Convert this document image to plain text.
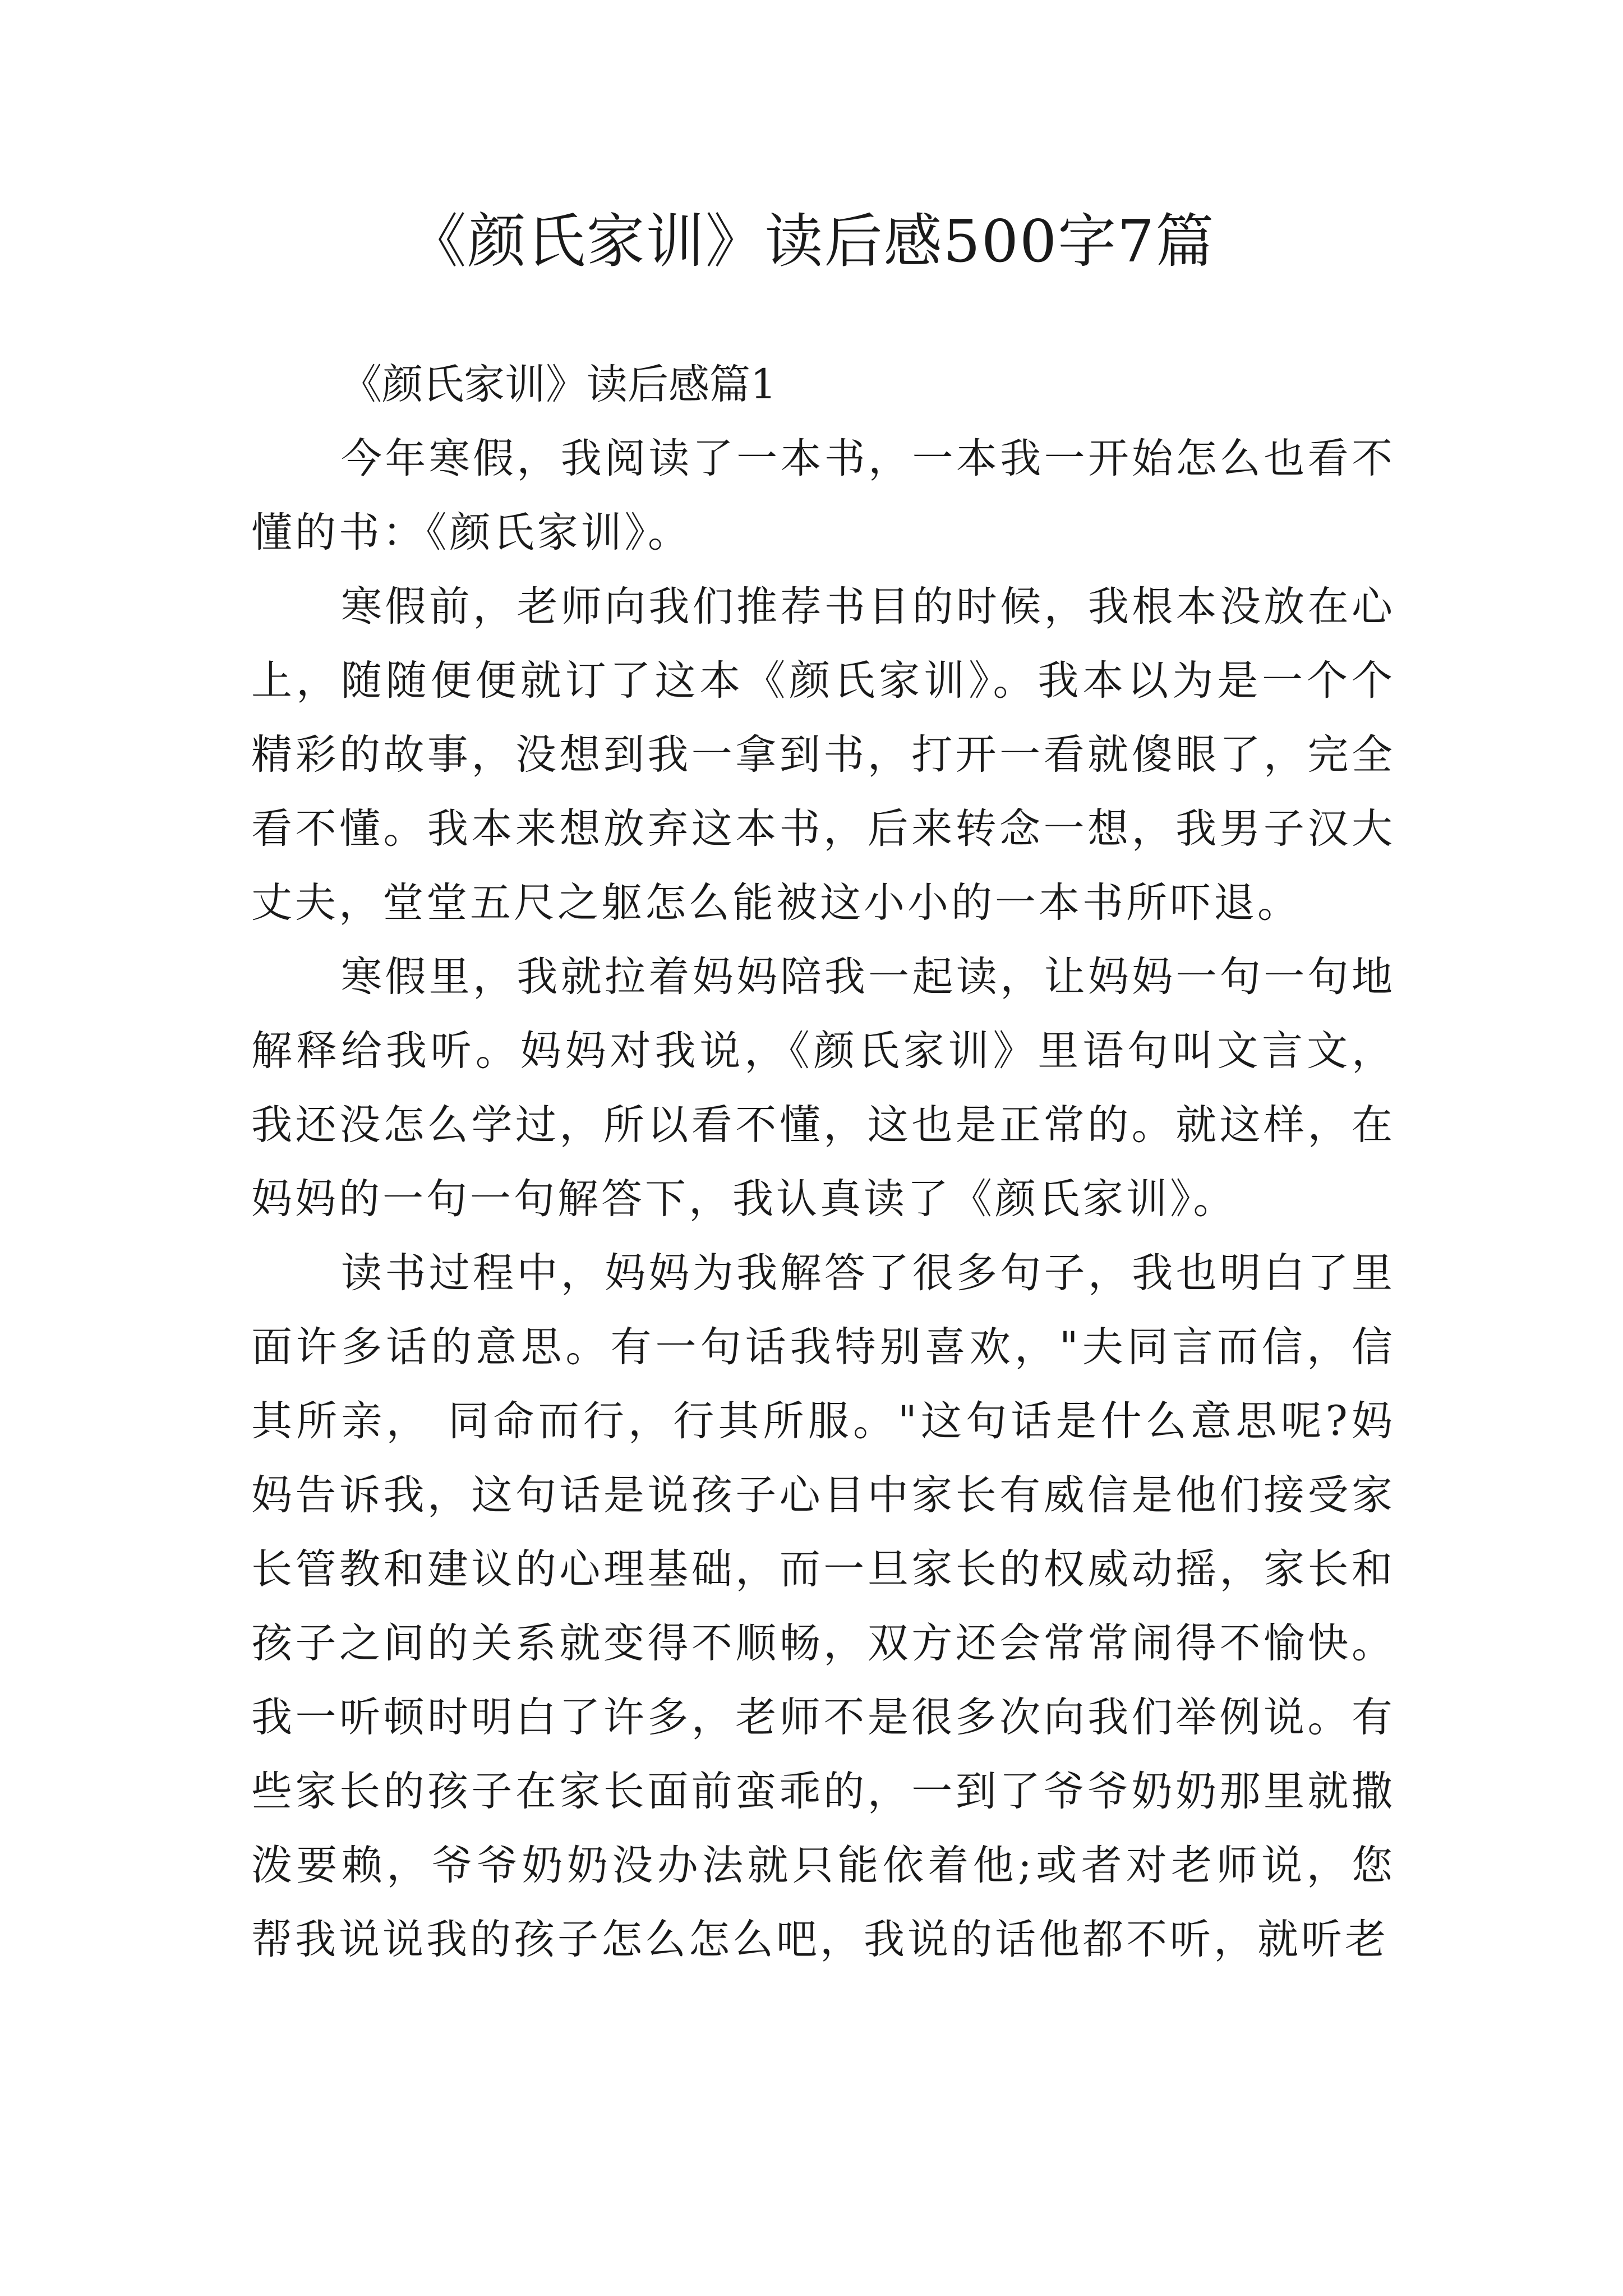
《颜氏家训》读后感500字7篇

《颜氏家训》读后感篇1

今年寒假，我阅读了一本书，一本我一开始怎么也看不懂的书：《颜氏家训》。

寒假前，老师向我们推荐书目的时候，我根本没放在心上，随随便便就订了这本《颜氏家训》。我本以为是一个个精彩的故事，没想到我一拿到书，打开一看就傻眼了，完全看不懂。我本来想放弃这本书，后来转念一想，我男子汉大丈夫，堂堂五尺之躯怎么能被这小小的一本书所吓退。

寒假里，我就拉着妈妈陪我一起读，让妈妈一句一句地解释给我听。妈妈对我说，《颜氏家训》里语句叫文言文，我还没怎么学过，所以看不懂，这也是正常的。就这样，在妈妈的一句一句解答下，我认真读了《颜氏家训》。

读书过程中，妈妈为我解答了很多句子，我也明白了里面许多话的意思。有一句话我特别喜欢，"夫同言而信，信其所亲， 同命而行，行其所服。"这句话是什么意思呢?妈妈告诉我，这句话是说孩子心目中家长有威信是他们接受家长管教和建议的心理基础，而一旦家长的权威动摇，家长和孩子之间的关系就变得不顺畅，双方还会常常闹得不愉快。我一听顿时明白了许多，老师不是很多次向我们举例说。有些家长的孩子在家长面前蛮乖的，一到了爷爷奶奶那里就撒泼要赖，爷爷奶奶没办法就只能依着他;或者对老师说，您帮我说说我的孩子怎么怎么吧，我说的话他都不听，就听老
